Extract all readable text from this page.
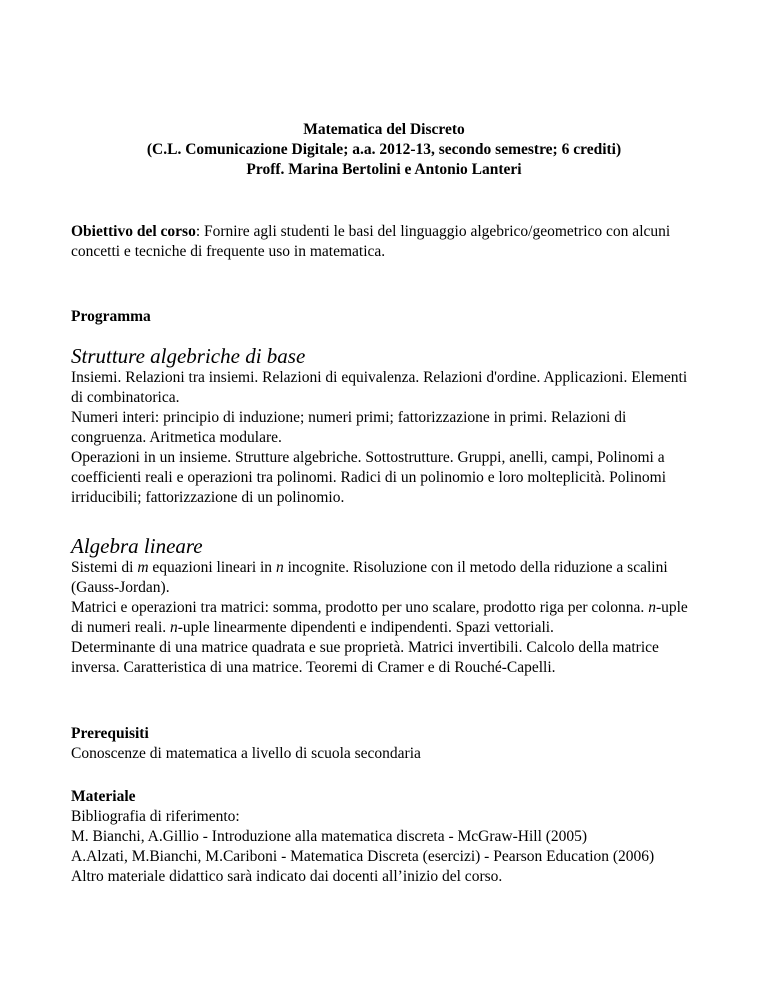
Matematica del Discreto

(C.L. Comunicazione Digitale; a.a. 2012-13, secondo semestre; 6 crediti)

Proff. Marina Bertolini e Antonio Lanteri

Obiettivo del corso: Fornire agli studenti le basi del linguaggio algebrico/geometrico con alcuni concetti e tecniche di frequente uso in matematica.

Programma

Strutture algebriche di base

Insiemi. Relazioni tra insiemi. Relazioni di equivalenza. Relazioni d'ordine. Applicazioni. Elementi di combinatorica.

Numeri interi: principio di induzione; numeri primi; fattorizzazione in primi. Relazioni di congruenza. Aritmetica modulare.

Operazioni in un insieme. Strutture algebriche. Sottostrutture. Gruppi, anelli, campi, Polinomi a coefficienti reali e operazioni tra polinomi. Radici di un polinomio e loro molteplicità. Polinomi irriducibili; fattorizzazione di un polinomio.

Algebra lineare

Sistemi di m equazioni lineari in n incognite. Risoluzione con il metodo della riduzione a scalini (Gauss-Jordan).

Matrici e operazioni tra matrici: somma, prodotto per uno scalare, prodotto riga per colonna. n-uple di numeri reali. n-uple linearmente dipendenti e indipendenti. Spazi vettoriali.

Determinante di una matrice quadrata e sue proprietà. Matrici invertibili. Calcolo della matrice inversa. Caratteristica di una matrice. Teoremi di Cramer e di Rouché-Capelli.

Prerequisiti

Conoscenze di matematica a livello di scuola secondaria

Materiale

Bibliografia di riferimento:

M. Bianchi, A.Gillio - Introduzione alla matematica discreta - McGraw-Hill (2005)

A.Alzati, M.Bianchi, M.Cariboni - Matematica Discreta (esercizi) - Pearson Education (2006)

Altro materiale didattico sarà indicato dai docenti all’inizio del corso.
